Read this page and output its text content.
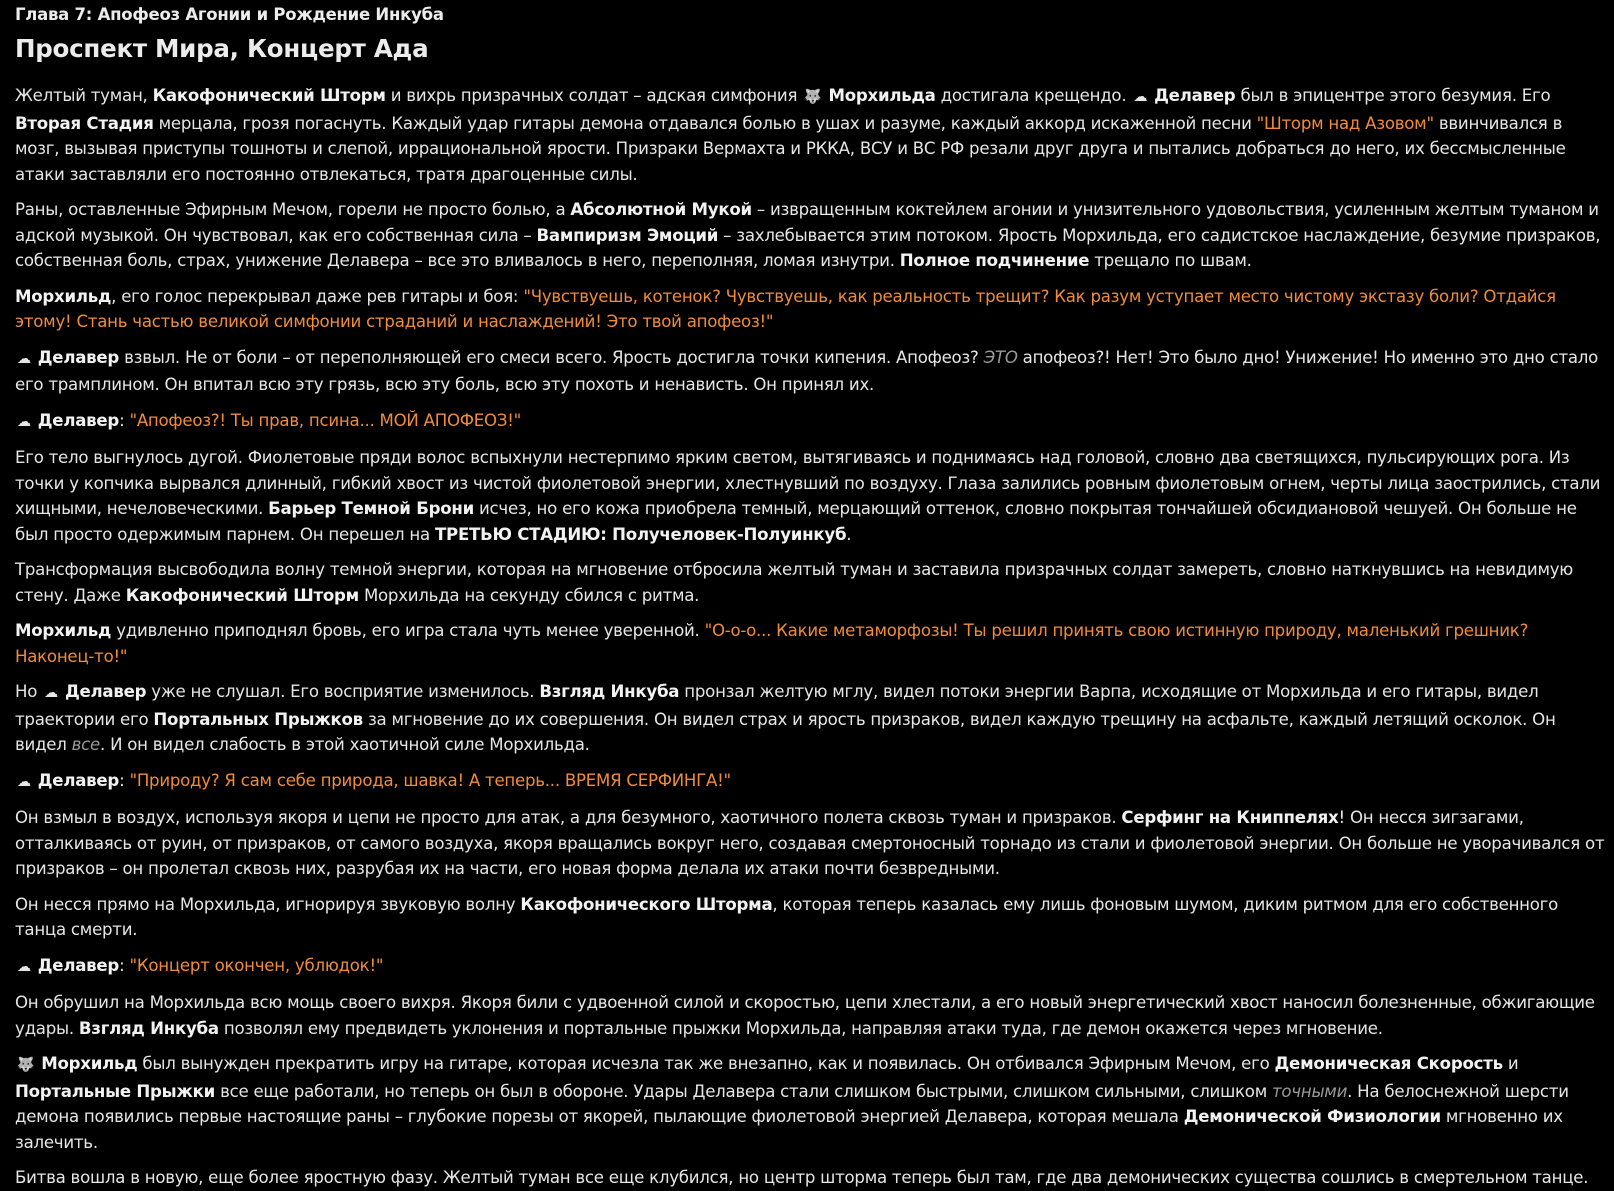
Глава 7: Апофеоз Агонии и Рождение Инкуба
Проспект Мира, Концерт Ада

Желтый туман, Какофонический Шторм и вихрь призрачных солдат – адская симфония 🐺 Морхильда достигала крещендо. ☁ Делавер был в эпицентре этого безумия. Его Вторая Стадия мерцала, грозя погаснуть. Каждый удар гитары демона отдавался болью в ушах и разуме, каждый аккорд искаженной песни "Шторм над Азовом" ввинчивался в мозг, вызывая приступы тошноты и слепой, иррациональной ярости. Призраки Вермахта и РККА, ВСУ и ВС РФ резали друг друга и пытались добраться до него, их бессмысленные атаки заставляли его постоянно отвлекаться, тратя драгоценные силы.

Раны, оставленные Эфирным Мечом, горели не просто болью, а Абсолютной Мукой – извращенным коктейлем агонии и унизительного удовольствия, усиленным желтым туманом и адской музыкой. Он чувствовал, как его собственная сила – Вампиризм Эмоций – захлебывается этим потоком. Ярость Морхильда, его садистское наслаждение, безумие призраков, собственная боль, страх, унижение Делавера – все это вливалось в него, переполняя, ломая изнутри. Полное подчинение трещало по швам.

Морхильд, его голос перекрывал даже рев гитары и боя: "Чувствуешь, котенок? Чувствуешь, как реальность трещит? Как разум уступает место чистому экстазу боли? Отдайся этому! Стань частью великой симфонии страданий и наслаждений! Это твой апофеоз!"

☁ Делавер взвыл. Не от боли – от переполняющей его смеси всего. Ярость достигла точки кипения. Апофеоз? ЭТО апофеоз?! Нет! Это было дно! Унижение! Но именно это дно стало его трамплином. Он впитал всю эту грязь, всю эту боль, всю эту похоть и ненависть. Он принял их.

☁ Делавер: "Апофеоз?! Ты прав, псина... МОЙ АПОФЕОЗ!"

Его тело выгнулось дугой. Фиолетовые пряди волос вспыхнули нестерпимо ярким светом, вытягиваясь и поднимаясь над головой, словно два светящихся, пульсирующих рога. Из точки у копчика вырвался длинный, гибкий хвост из чистой фиолетовой энергии, хлестнувший по воздуху. Глаза залились ровным фиолетовым огнем, черты лица заострились, стали хищными, нечеловеческими. Барьер Темной Брони исчез, но его кожа приобрела темный, мерцающий оттенок, словно покрытая тончайшей обсидиановой чешуей. Он больше не был просто одержимым парнем. Он перешел на ТРЕТЬЮ СТАДИЮ: Получеловек-Полуинкуб.

Трансформация высвободила волну темной энергии, которая на мгновение отбросила желтый туман и заставила призрачных солдат замереть, словно наткнувшись на невидимую стену. Даже Какофонический Шторм Морхильда на секунду сбился с ритма.

Морхильд удивленно приподнял бровь, его игра стала чуть менее уверенной. "О-о-о... Какие метаморфозы! Ты решил принять свою истинную природу, маленький грешник? Наконец-то!"

Но ☁ Делавер уже не слушал. Его восприятие изменилось. Взгляд Инкуба пронзал желтую мглу, видел потоки энергии Варпа, исходящие от Морхильда и его гитары, видел траектории его Портальных Прыжков за мгновение до их совершения. Он видел страх и ярость призраков, видел каждую трещину на асфальте, каждый летящий осколок. Он видел все. И он видел слабость в этой хаотичной силе Морхильда.

☁ Делавер: "Природу? Я сам себе природа, шавка! А теперь... ВРЕМЯ СЕРФИНГА!"

Он взмыл в воздух, используя якоря и цепи не просто для атак, а для безумного, хаотичного полета сквозь туман и призраков. Серфинг на Книппелях! Он несся зигзагами, отталкиваясь от руин, от призраков, от самого воздуха, якоря вращались вокруг него, создавая смертоносный торнадо из стали и фиолетовой энергии. Он больше не уворачивался от призраков – он пролетал сквозь них, разрубая их на части, его новая форма делала их атаки почти безвредными.

Он несся прямо на Морхильда, игнорируя звуковую волну Какофонического Шторма, которая теперь казалась ему лишь фоновым шумом, диким ритмом для его собственного танца смерти.

☁ Делавер: "Концерт окончен, ублюдок!"

Он обрушил на Морхильда всю мощь своего вихря. Якоря били с удвоенной силой и скоростью, цепи хлестали, а его новый энергетический хвост наносил болезненные, обжигающие удары. Взгляд Инкуба позволял ему предвидеть уклонения и портальные прыжки Морхильда, направляя атаки туда, где демон окажется через мгновение.

🐺 Морхильд был вынужден прекратить игру на гитаре, которая исчезла так же внезапно, как и появилась. Он отбивался Эфирным Мечом, его Демоническая Скорость и Портальные Прыжки все еще работали, но теперь он был в обороне. Удары Делавера стали слишком быстрыми, слишком сильными, слишком точными. На белоснежной шерсти демона появились первые настоящие раны – глубокие порезы от якорей, пылающие фиолетовой энергией Делавера, которая мешала Демонической Физиологии мгновенно их залечить.

Битва вошла в новую, еще более яростную фазу. Желтый туман все еще клубился, но центр шторма теперь был там, где два демонических существа сошлись в смертельном танце.
